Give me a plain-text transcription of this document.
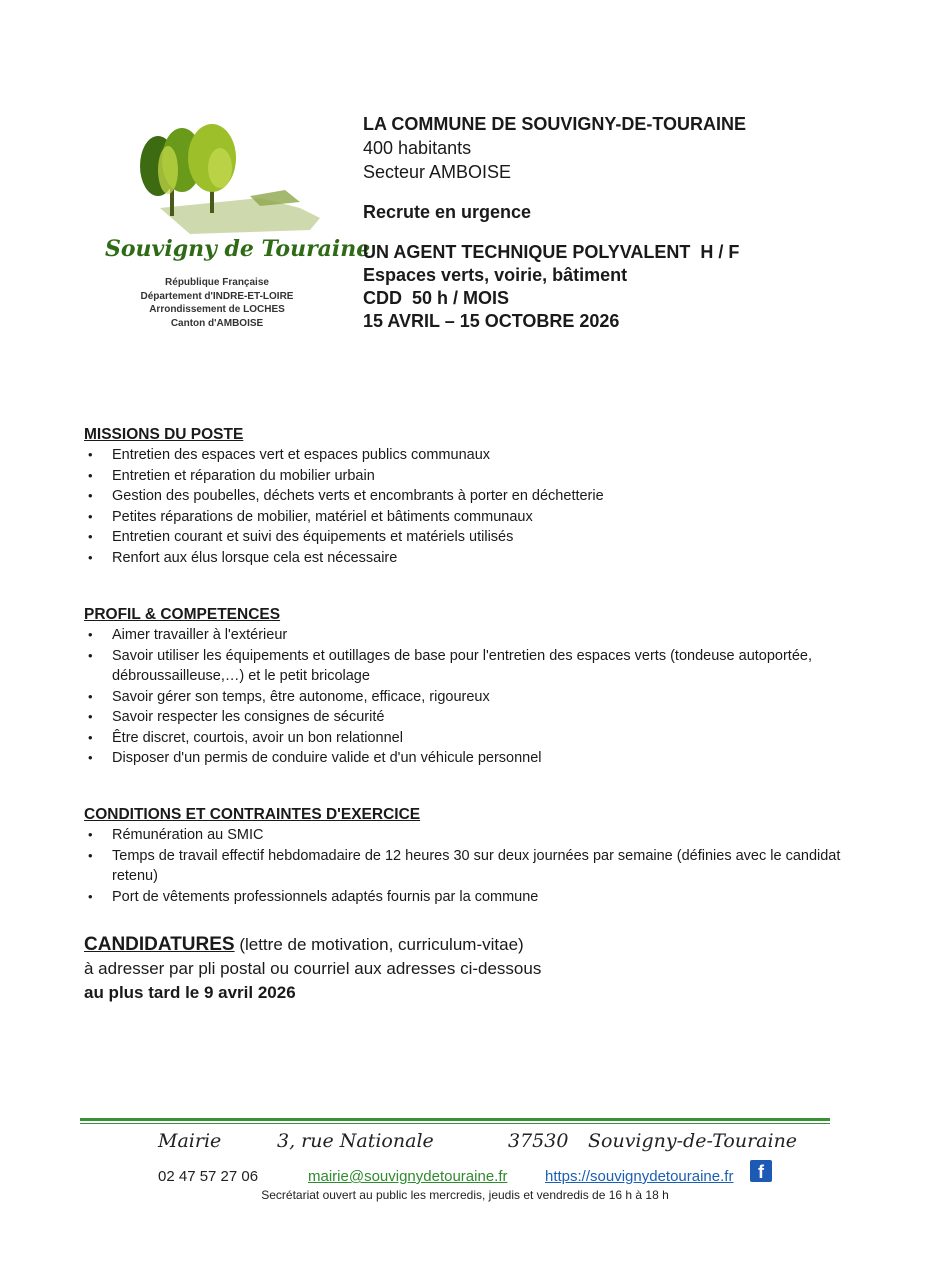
Souvigny de Touraine
République Française
Département d'INDRE-ET-LOIRE
Arrondissement de LOCHES
Canton d'AMBOISE
LA COMMUNE DE SOUVIGNY-DE-TOURAINE
400 habitants
Secteur AMBOISE
Recrute en urgence
UN AGENT TECHNIQUE POLYVALENT  H / F
Espaces verts, voirie, bâtiment
CDD  50 h / MOIS
15 AVRIL – 15 OCTOBRE 2026
MISSIONS DU POSTE
• Entretien des espaces vert et espaces publics communaux
• Entretien et réparation du mobilier urbain
• Gestion des poubelles, déchets verts et encombrants à porter en déchetterie
• Petites réparations de mobilier, matériel et bâtiments communaux
• Entretien courant et suivi des équipements et matériels utilisés
• Renfort aux élus lorsque cela est nécessaire
PROFIL & COMPETENCES
• Aimer travailler à l'extérieur
• Savoir utiliser les équipements et outillages de base pour l'entretien des espaces verts (tondeuse autoportée, débroussailleuse,…) et le petit bricolage
• Savoir gérer son temps, être autonome, efficace, rigoureux
• Savoir respecter les consignes de sécurité
• Être discret, courtois, avoir un bon relationnel
• Disposer d'un permis de conduire valide et d'un véhicule personnel
CONDITIONS ET CONTRAINTES D'EXERCICE
• Rémunération au SMIC
• Temps de travail effectif hebdomadaire de 12 heures 30 sur deux journées par semaine (définies avec le candidat retenu)
• Port de vêtements professionnels adaptés fournis par la commune
CANDIDATURES (lettre de motivation, curriculum-vitae)
à adresser par pli postal ou courriel aux adresses ci-dessous
au plus tard le 9 avril 2026
Mairie	3, rue Nationale	37530 Souvigny-de-Touraine
02 47 57 27 06	mairie@souvignydetouraine.fr	https://souvignydetouraine.fr	f
Secrétariat ouvert au public les mercredis, jeudis et vendredis de 16 h à 18 h
